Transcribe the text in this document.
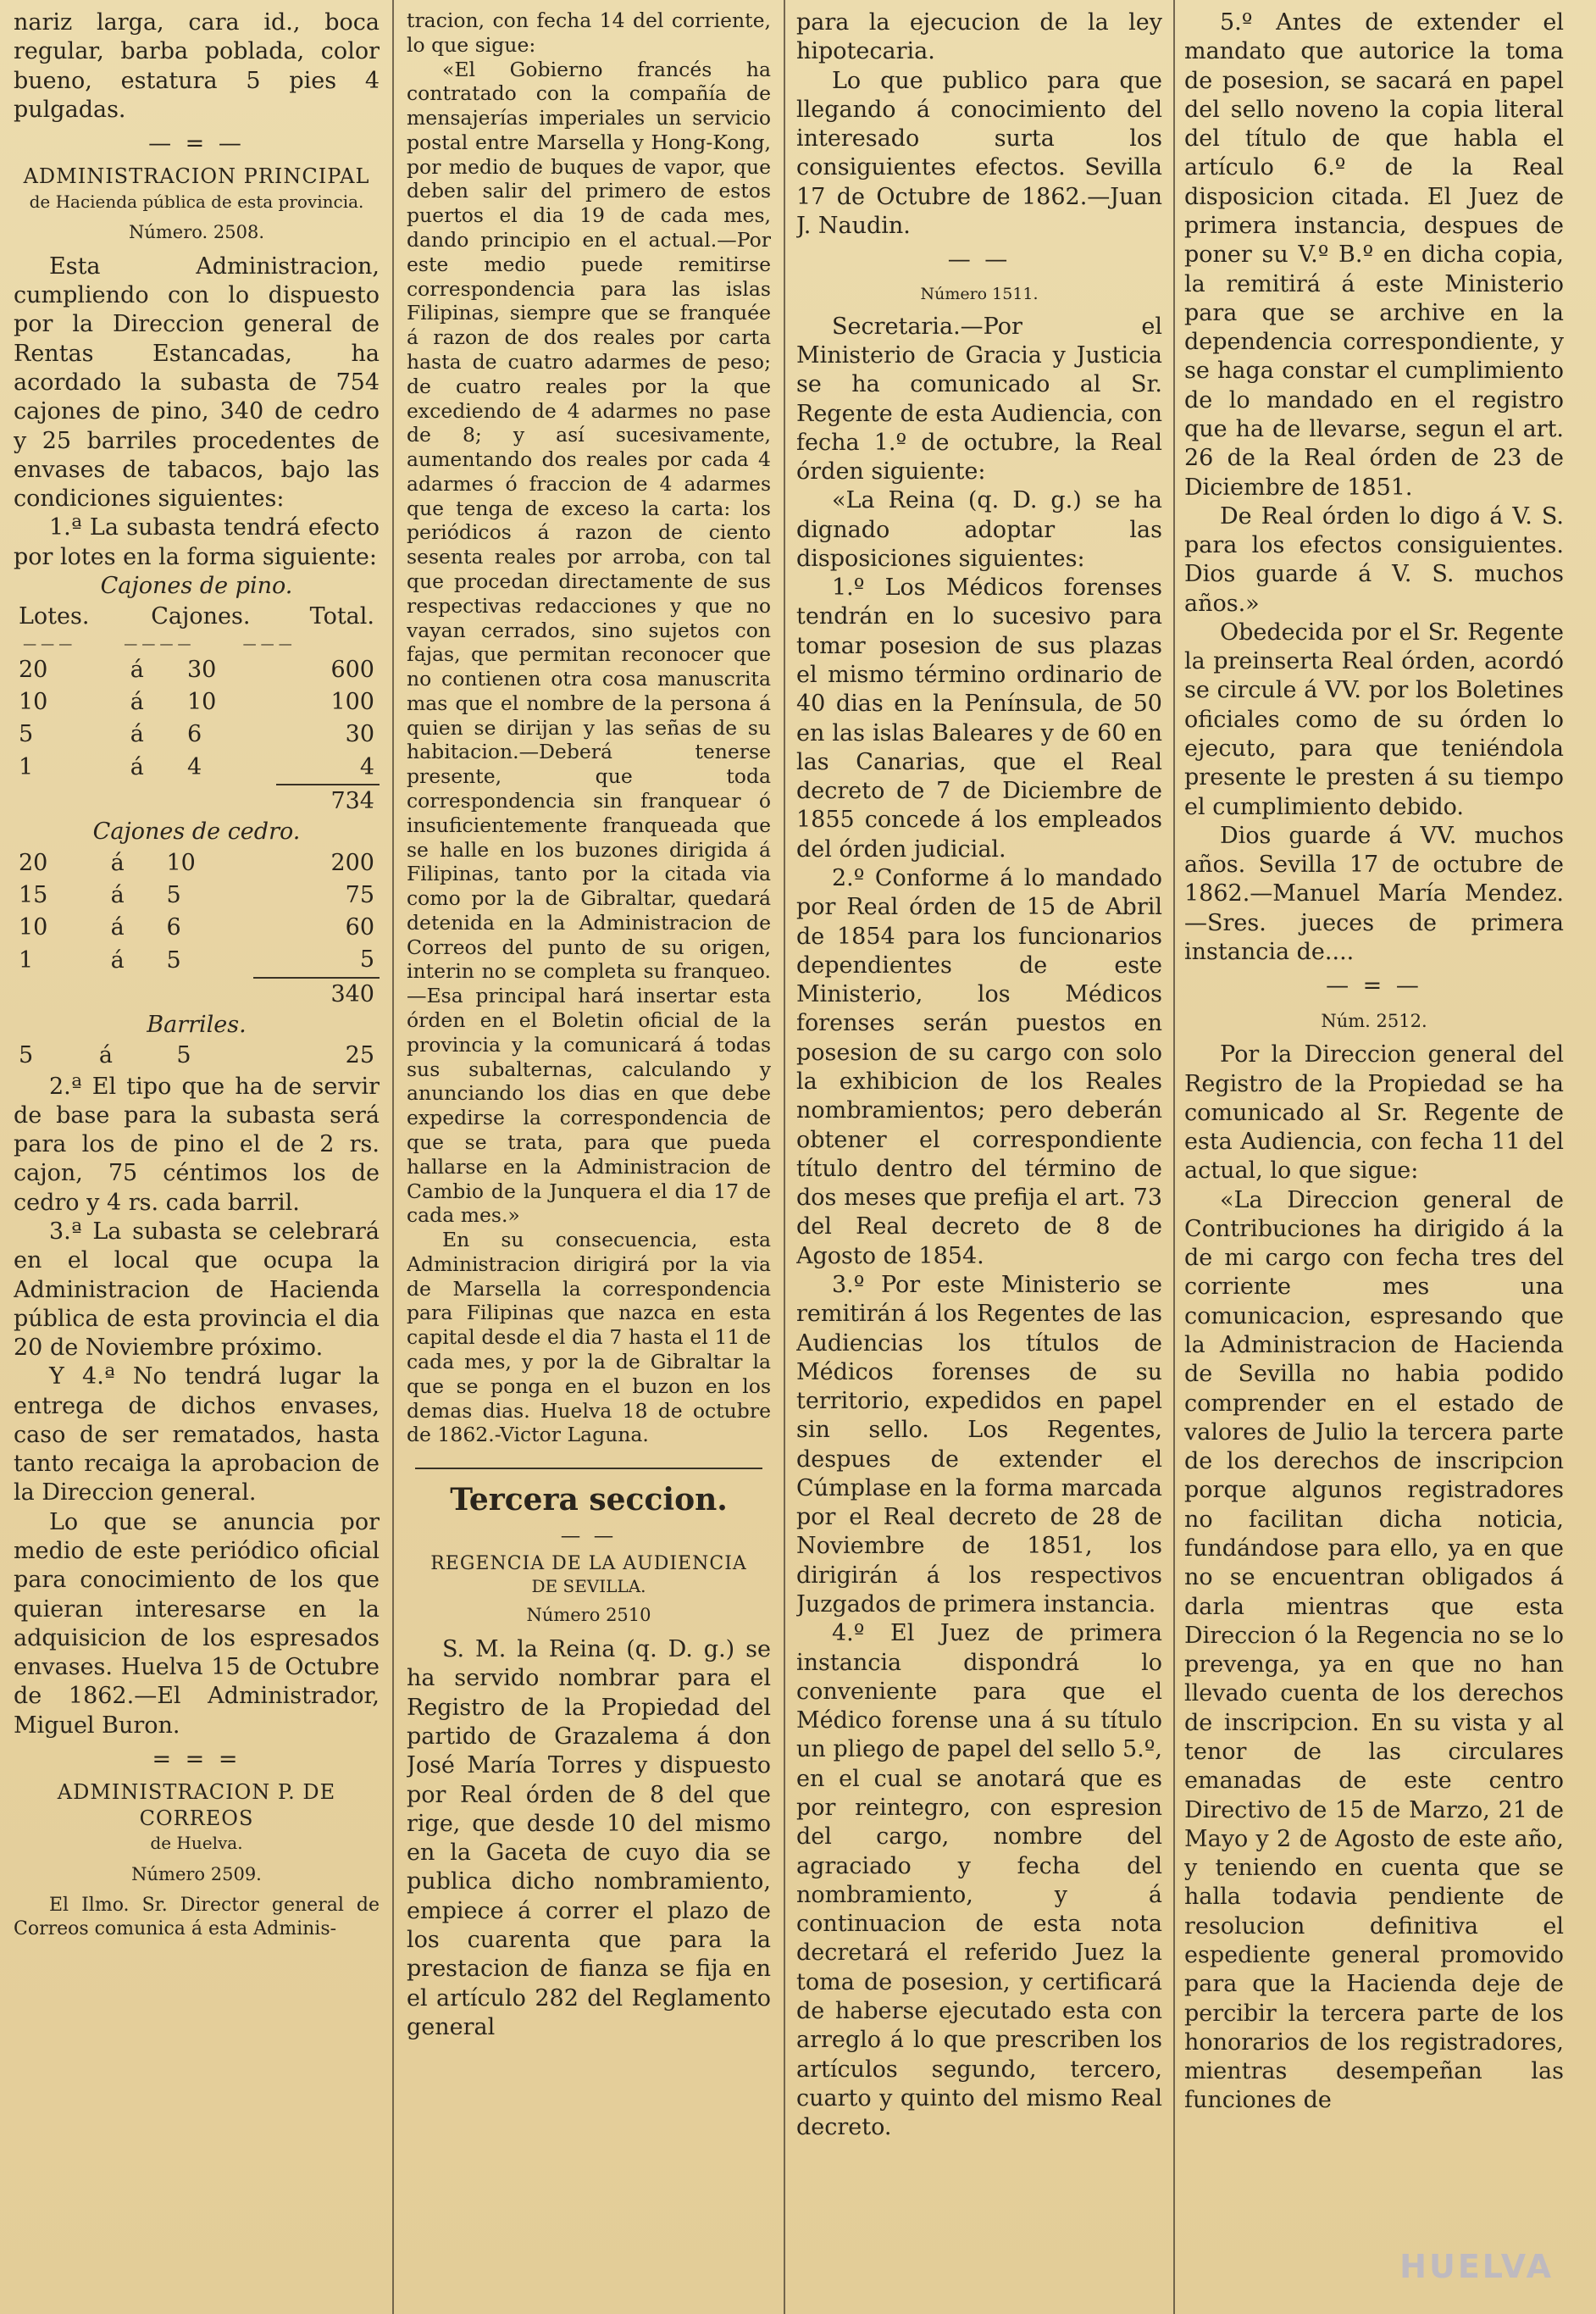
nariz larga, cara id., boca regular, barba poblada, color bueno, estatura 5 pies 4 pulgadas.

— = —
ADMINISTRACION PRINCIPAL
de Hacienda pública de esta provincia.
Número. 2508.

Esta Administracion, cumpliendo con lo dispuesto por la Direccion general de Rentas Estancadas, ha acordado la subasta de 754 cajones de pino, 340 de cedro y 25 barriles procedentes de envases de tabacos, bajo las condiciones siguientes:

1.ª La subasta tendrá efecto por lotes en la forma siguiente:

Cajones de pino.
Lotes.	Cajones.		Total.
— — —            — — — —            — — —			
20	á	30	600
10	á	10	100
5	á	6	30
1	á	4	4
			734
Cajones de cedro.
20	á	10	200
15	á	5	75
10	á	6	60
1	á	5	5
			340
Barriles.
5	á	5	25

2.ª El tipo que ha de servir de base para la subasta será para los de pino el de 2 rs. cajon, 75 céntimos los de cedro y 4 rs. cada barril.

3.ª La subasta se celebrará en el local que ocupa la Administracion de Hacienda pública de esta provincia el dia 20 de Noviembre próximo.

Y 4.ª No tendrá lugar la entrega de dichos envases, caso de ser rematados, hasta tanto recaiga la aprobacion de la Direccion general.

Lo que se anuncia por medio de este periódico oficial para conocimiento de los que quieran interesarse en la adquisicion de los espresados envases. Huelva 15 de Octubre de 1862.—El Administrador, Miguel Buron.

= = =
ADMINISTRACION P. DE CORREOS
de Huelva.
Número 2509.

El Ilmo. Sr. Director general de Correos comunica á esta Adminis-

tracion, con fecha 14 del corriente, lo que sigue:

«El Gobierno francés ha contratado con la compañía de mensajerías imperiales un servicio postal entre Marsella y Hong-Kong, por medio de buques de vapor, que deben salir del primero de estos puertos el dia 19 de cada mes, dando principio en el actual.—Por este medio puede remitirse correspondencia para las islas Filipinas, siempre que se franquée á razon de dos reales por carta hasta de cuatro adarmes de peso; de cuatro reales por la que excediendo de 4 adarmes no pase de 8; y así sucesivamente, aumentando dos reales por cada 4 adarmes ó fraccion de 4 adarmes que tenga de exceso la carta: los periódicos á razon de ciento sesenta reales por arroba, con tal que procedan directamente de sus respectivas redacciones y que no vayan cerrados, sino sujetos con fajas, que permitan reconocer que no contienen otra cosa manuscrita mas que el nombre de la persona á quien se dirijan y las señas de su habitacion.—Deberá tenerse presente, que toda correspondencia sin franquear ó insuficientemente franqueada que se halle en los buzones dirigida á Filipinas, tanto por la citada via como por la de Gibraltar, quedará detenida en la Administracion de Correos del punto de su origen, interin no se completa su franqueo.—Esa principal hará insertar esta órden en el Boletin oficial de la provincia y la comunicará á todas sus subalternas, calculando y anunciando los dias en que debe expedirse la correspondencia de que se trata, para que pueda hallarse en la Administracion de Cambio de la Junquera el dia 17 de cada mes.»

En su consecuencia, esta Administracion dirigirá por la via de Marsella la correspondencia para Filipinas que nazca en esta capital desde el dia 7 hasta el 11 de cada mes, y por la de Gibraltar la que se ponga en el buzon en los demas dias. Huelva 18 de octubre de 1862.-Victor Laguna.

Tercera seccion.
— —
REGENCIA DE LA AUDIENCIA
DE SEVILLA.
Número 2510

S. M. la Reina (q. D. g.) se ha servido nombrar para el Registro de la Propiedad del partido de Grazalema á don José María Torres y dispuesto por Real órden de 8 del que rige, que desde 10 del mismo en la Gaceta de cuyo dia se publica dicho nombramiento, empiece á correr el plazo de los cuarenta que para la prestacion de fianza se fija en el artículo 282 del Reglamento general

para la ejecucion de la ley hipotecaria.

Lo que publico para que llegando á conocimiento del interesado surta los consiguientes efectos. Sevilla 17 de Octubre de 1862.—Juan J. Naudin.

— —
Número 1511.

Secretaria.—Por el Ministerio de Gracia y Justicia se ha comunicado al Sr. Regente de esta Audiencia, con fecha 1.º de octubre, la Real órden siguiente:

«La Reina (q. D. g.) se ha dignado adoptar las disposiciones siguientes:

1.º Los Médicos forenses tendrán en lo sucesivo para tomar posesion de sus plazas el mismo término ordinario de 40 dias en la Península, de 50 en las islas Baleares y de 60 en las Canarias, que el Real decreto de 7 de Diciembre de 1855 concede á los empleados del órden judicial.

2.º Conforme á lo mandado por Real órden de 15 de Abril de 1854 para los funcionarios dependientes de este Ministerio, los Médicos forenses serán puestos en posesion de su cargo con solo la exhibicion de los Reales nombramientos; pero deberán obtener el correspondiente título dentro del término de dos meses que prefija el art. 73 del Real decreto de 8 de Agosto de 1854.

3.º Por este Ministerio se remitirán á los Regentes de las Audiencias los títulos de Médicos forenses de su territorio, expedidos en papel sin sello. Los Regentes, despues de extender el Cúmplase en la forma marcada por el Real decreto de 28 de Noviembre de 1851, los dirigirán á los respectivos Juzgados de primera instancia.

4.º El Juez de primera instancia dispondrá lo conveniente para que el Médico forense una á su título un pliego de papel del sello 5.º, en el cual se anotará que es por reintegro, con espresion del cargo, nombre del agraciado y fecha del nombramiento, y á continuacion de esta nota decretará el referido Juez la toma de posesion, y certificará de haberse ejecutado esta con arreglo á lo que prescriben los artículos segundo, tercero, cuarto y quinto del mismo Real decreto.

5.º Antes de extender el mandato que autorice la toma de posesion, se sacará en papel del sello noveno la copia literal del título de que habla el artículo 6.º de la Real disposicion citada. El Juez de primera instancia, despues de poner su V.º B.º en dicha copia, la remitirá á este Ministerio para que se archive en la dependencia correspondiente, y se haga constar el cumplimiento de lo mandado en el registro que ha de llevarse, segun el art. 26 de la Real órden de 23 de Diciembre de 1851.

De Real órden lo digo á V. S. para los efectos consiguientes. Dios guarde á V. S. muchos años.»

Obedecida por el Sr. Regente la preinserta Real órden, acordó se circule á VV. por los Boletines oficiales como de su órden lo ejecuto, para que teniéndola presente le presten á su tiempo el cumplimiento debido.

Dios guarde á VV. muchos años. Sevilla 17 de octubre de 1862.—Manuel María Mendez.—Sres. jueces de primera instancia de....

— = —
Núm. 2512.

Por la Direccion general del Registro de la Propiedad se ha comunicado al Sr. Regente de esta Audiencia, con fecha 11 del actual, lo que sigue:

«La Direccion general de Contribuciones ha dirigido á la de mi cargo con fecha tres del corriente mes una comunicacion, espresando que la Administracion de Hacienda de Sevilla no habia podido comprender en el estado de valores de Julio la tercera parte de los derechos de inscripcion porque algunos registradores no facilitan dicha noticia, fundándose para ello, ya en que no se encuentran obligados á darla mientras que esta Direccion ó la Regencia no se lo prevenga, ya en que no han llevado cuenta de los derechos de inscripcion. En su vista y al tenor de las circulares emanadas de este centro Directivo de 15 de Marzo, 21 de Mayo y 2 de Agosto de este año, y teniendo en cuenta que se halla todavia pendiente de resolucion definitiva el espediente general promovido para que la Hacienda deje de percibir la tercera parte de los honorarios de los registradores, mientras desempeñan las funciones de

HUELVA
